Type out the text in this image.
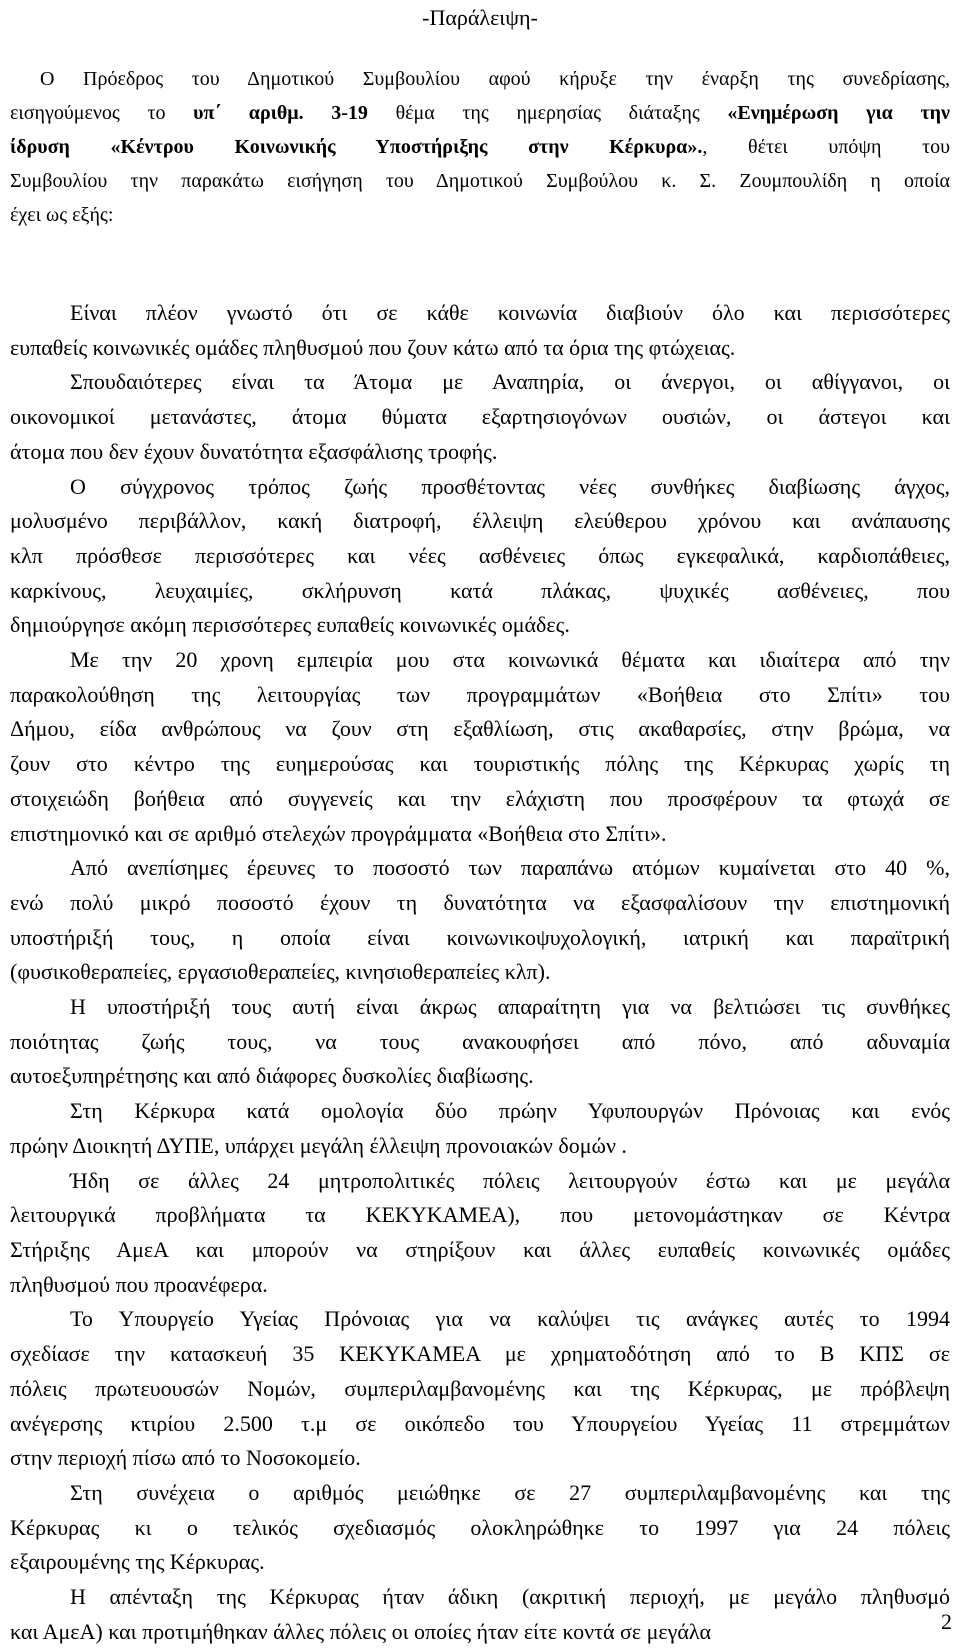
-Παράλειψη-
Ο Πρόεδρος του Δημοτικού Συμβουλίου αφού κήρυξε την έναρξη της συνεδρίασης,
εισηγούμενος το υπ΄ αριθμ. 3-19 θέμα της ημερησίας διάταξης «Ενημέρωση για την
ίδρυση «Κέντρου Κοινωνικής Υποστήριξης στην Κέρκυρα»., θέτει υπόψη του
Συμβουλίου την παρακάτω εισήγηση του Δημοτικού Συμβούλου κ. Σ. Ζουμπουλίδη η οποία
έχει ως εξής:
Είναι πλέον γνωστό ότι σε κάθε κοινωνία διαβιούν όλο και περισσότερες
ευπαθείς κοινωνικές ομάδες πληθυσμού που ζουν κάτω από τα όρια της φτώχειας.
Σπουδαιότερες είναι τα Άτομα με Αναπηρία, οι άνεργοι, οι αθίγγανοι, οι
οικονομικοί μετανάστες, άτομα θύματα εξαρτησιογόνων ουσιών, οι άστεγοι και
άτομα που δεν έχουν δυνατότητα εξασφάλισης τροφής.
Ο σύγχρονος τρόπος ζωής προσθέτοντας νέες συνθήκες διαβίωσης άγχος,
μολυσμένο περιβάλλον, κακή διατροφή, έλλειψη ελεύθερου χρόνου και ανάπαυσης
κλπ πρόσθεσε περισσότερες και νέες ασθένειες όπως εγκεφαλικά, καρδιοπάθειες,
καρκίνους, λευχαιμίες, σκλήρυνση κατά πλάκας, ψυχικές ασθένειες, που
δημιούργησε ακόμη περισσότερες ευπαθείς κοινωνικές ομάδες.
Με την 20 χρονη εμπειρία μου στα κοινωνικά θέματα και ιδιαίτερα από την
παρακολούθηση της λειτουργίας των προγραμμάτων «Βοήθεια στο Σπίτι» του
Δήμου, είδα ανθρώπους να ζουν στη εξαθλίωση, στις ακαθαρσίες, στην βρώμα, να
ζουν στο κέντρο της ευημερούσας και τουριστικής πόλης της Κέρκυρας χωρίς τη
στοιχειώδη βοήθεια από συγγενείς και την ελάχιστη που προσφέρουν τα φτωχά σε
επιστημονικό και σε αριθμό στελεχών προγράμματα «Βοήθεια στο Σπίτι».
Από ανεπίσημες έρευνες το ποσοστό των παραπάνω ατόμων κυμαίνεται στο 40 %,
ενώ πολύ μικρό ποσοστό έχουν τη δυνατότητα να εξασφαλίσουν την επιστημονική
υποστήριξή τους, η οποία είναι κοινωνικοψυχολογική, ιατρική και παραϊτρική
(φυσικοθεραπείες, εργασιοθεραπείες, κινησιοθεραπείες κλπ).
Η υποστήριξή τους αυτή είναι άκρως απαραίτητη για να βελτιώσει τις συνθήκες
ποιότητας ζωής τους, να τους ανακουφήσει από πόνο, από αδυναμία
αυτοεξυπηρέτησης και από διάφορες δυσκολίες διαβίωσης.
Στη Κέρκυρα κατά ομολογία δύο πρώην Υφυπουργών Πρόνοιας και ενός
πρώην Διοικητή ΔΥΠΕ, υπάρχει μεγάλη έλλειψη προνοιακών δομών .
Ήδη σε άλλες 24 μητροπολιτικές πόλεις λειτουργούν έστω και με μεγάλα
λειτουργικά προβλήματα τα ΚΕΚΥΚΑΜΕΑ), που μετονομάστηκαν σε Κέντρα
Στήριξης ΑμεΑ και μπορούν να στηρίξουν και άλλες ευπαθείς κοινωνικές ομάδες
πληθυσμού που προανέφερα.
Το Υπουργείο Υγείας Πρόνοιας για να καλύψει τις ανάγκες αυτές το 1994
σχεδίασε την κατασκευή 35 ΚΕΚΥΚΑΜΕΑ με χρηματοδότηση από το Β ΚΠΣ σε
πόλεις πρωτευουσών Νομών, συμπεριλαμβανομένης και της Κέρκυρας, με πρόβλεψη
ανέγερσης κτιρίου 2.500 τ.μ σε οικόπεδο του Υπουργείου Υγείας 11 στρεμμάτων
στην περιοχή πίσω από το Νοσοκομείο.
Στη συνέχεια ο αριθμός μειώθηκε σε 27 συμπεριλαμβανομένης και της
Κέρκυρας κι ο τελικός σχεδιασμός ολοκληρώθηκε το 1997 για 24 πόλεις
εξαιρουμένης της Κέρκυρας.
Η απένταξη της Κέρκυρας ήταν άδικη (ακριτική περιοχή, με μεγάλο πληθυσμό
και ΑμεΑ) και προτιμήθηκαν άλλες πόλεις οι οποίες ήταν είτε κοντά σε μεγάλα	2
